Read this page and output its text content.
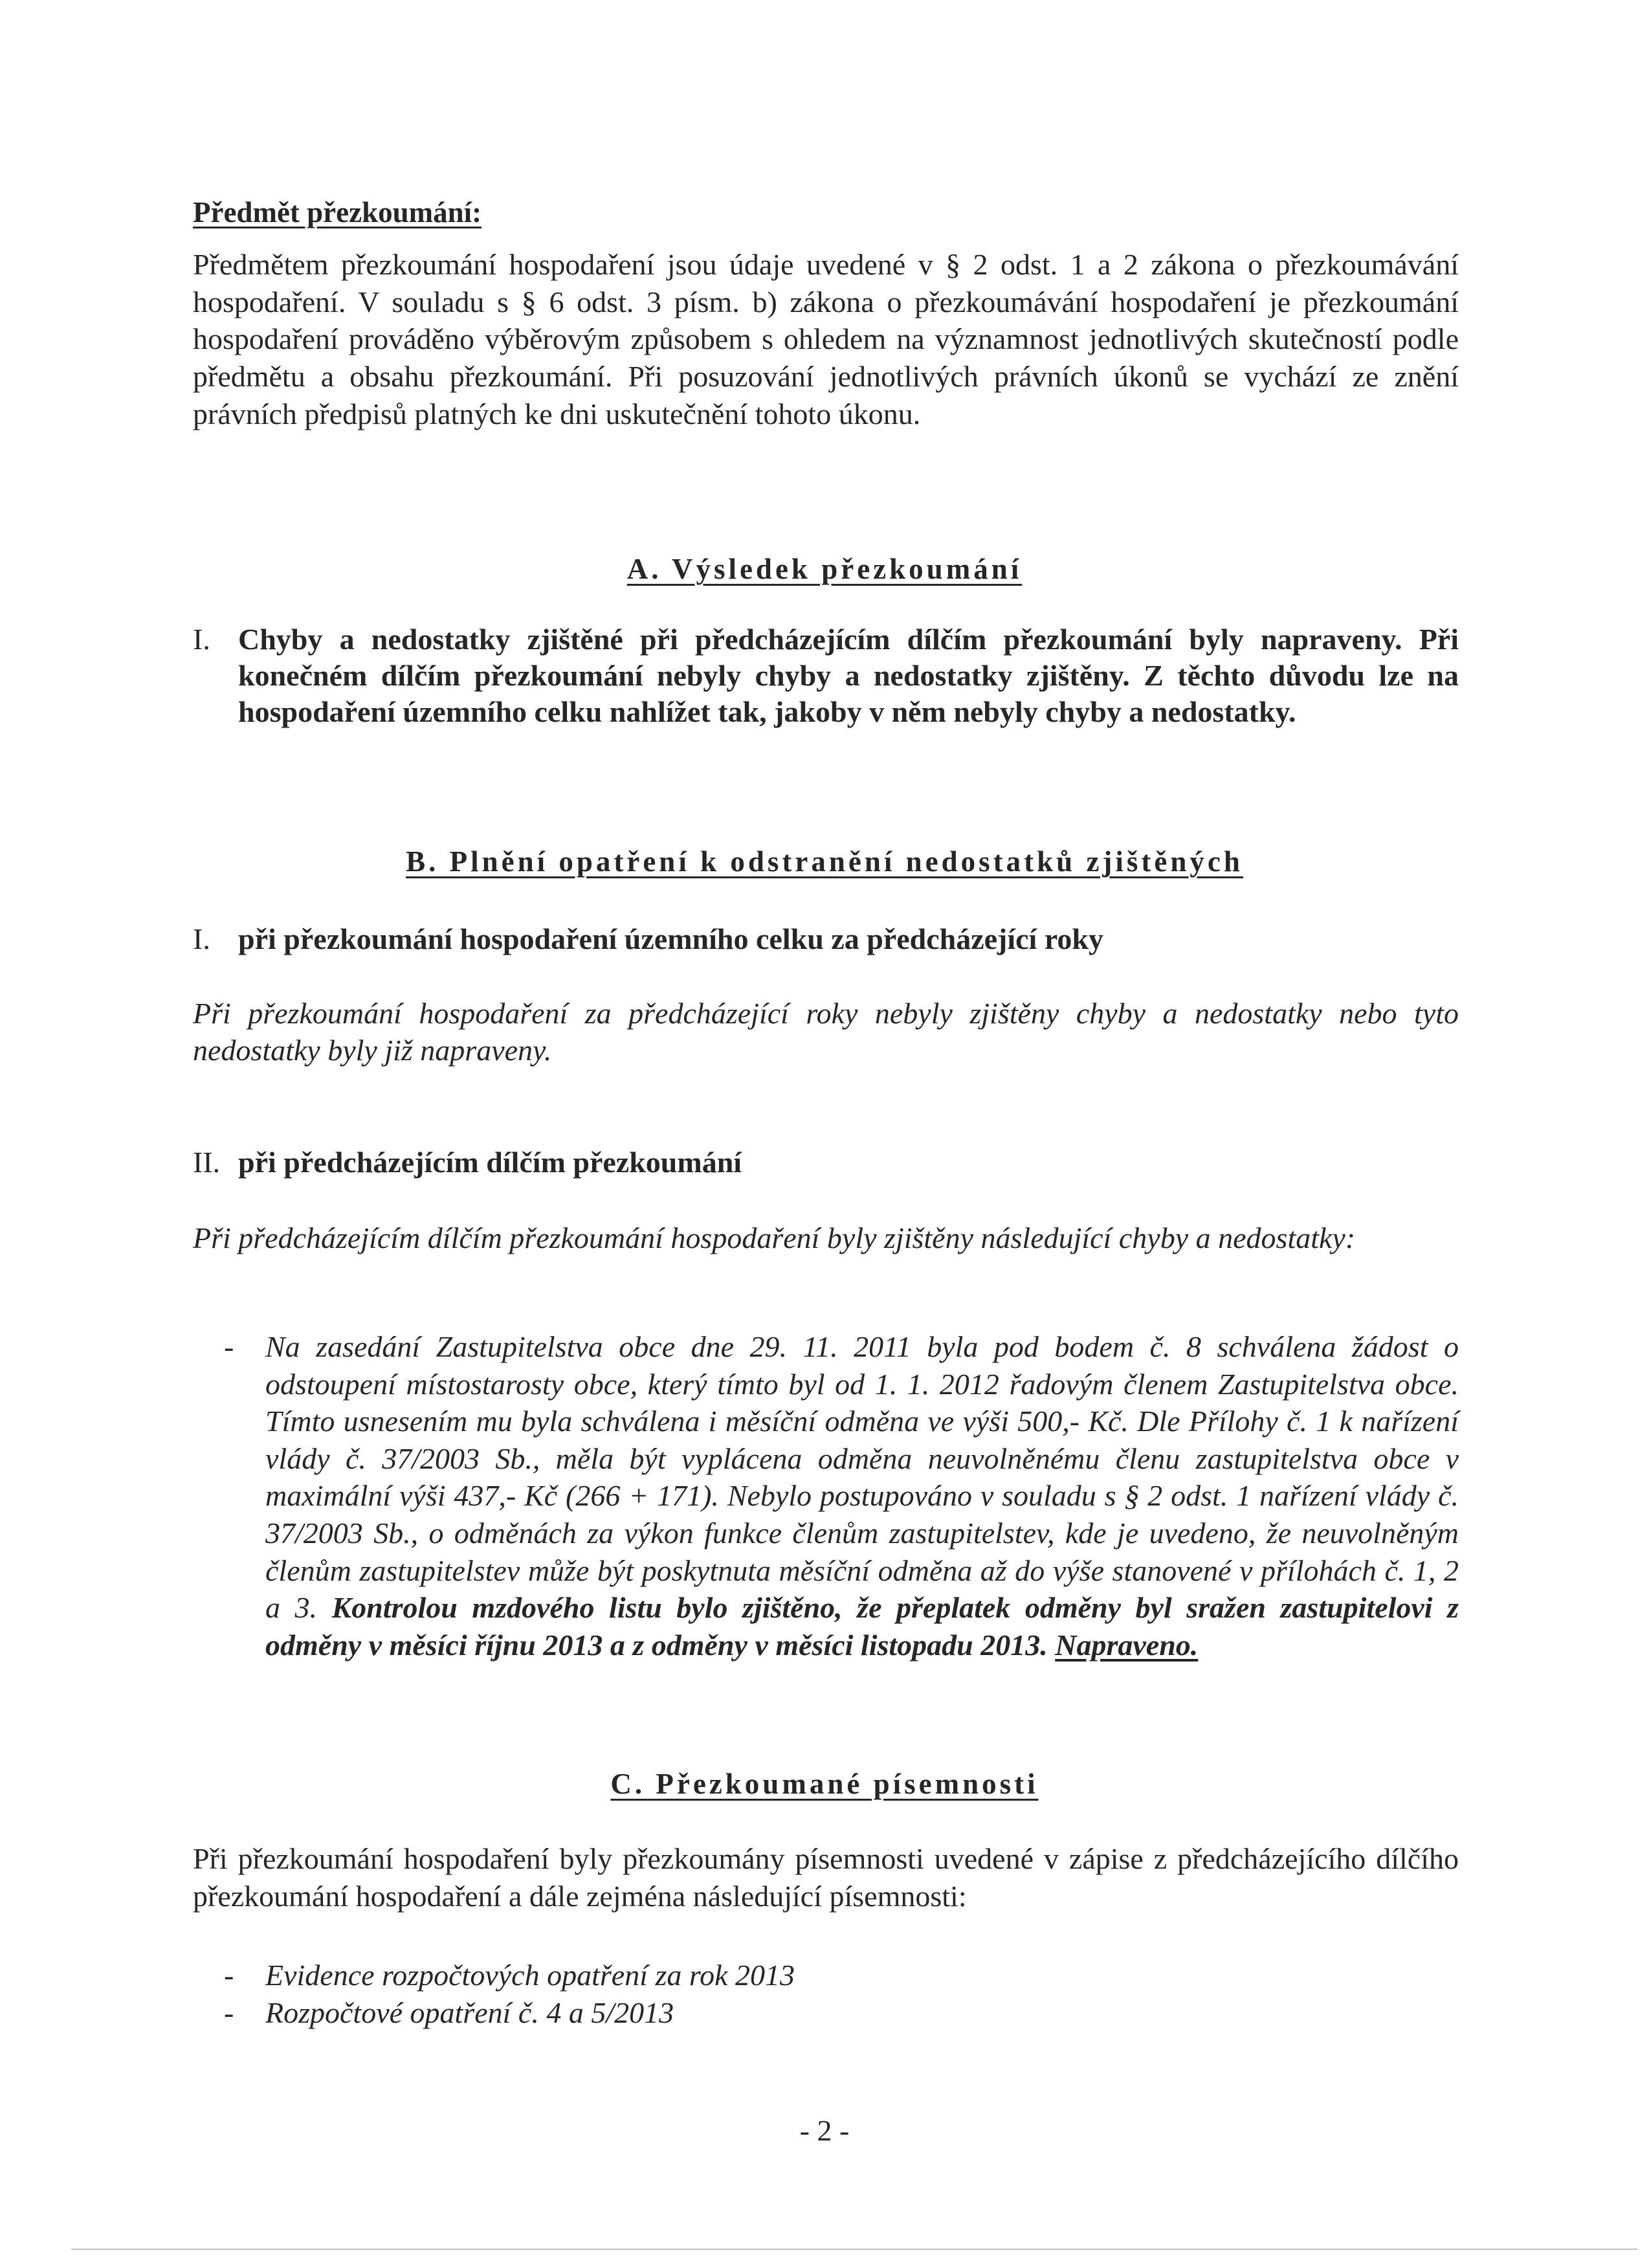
Předmět přezkoumání:

Předmětem přezkoumání hospodaření jsou údaje uvedené v § 2 odst. 1 a 2 zákona o přezkoumávání hospodaření. V souladu s § 6 odst. 3 písm. b) zákona o přezkoumávání hospodaření je přezkoumání hospodaření prováděno výběrovým způsobem s ohledem na významnost jednotlivých skutečností podle předmětu a obsahu přezkoumání. Při posuzování jednotlivých právních úkonů se vychází ze znění právních předpisů platných ke dni uskutečnění tohoto úkonu.

A. Výsledek přezkoumání
I. Chyby a nedostatky zjištěné při předcházejícím dílčím přezkoumání byly napraveny. Při konečném dílčím přezkoumání nebyly chyby a nedostatky zjištěny. Z těchto důvodu lze na hospodaření územního celku nahlížet tak, jakoby v něm nebyly chyby a nedostatky.
B. Plnění opatření k odstranění nedostatků zjištěných
I. při přezkoumání hospodaření územního celku za předcházející roky

Při přezkoumání hospodaření za předcházející roky nebyly zjištěny chyby a nedostatky nebo tyto nedostatky byly již napraveny.

II. při předcházejícím dílčím přezkoumání

Při předcházejícím dílčím přezkoumání hospodaření byly zjištěny následující chyby a nedostatky:

- Na zasedání Zastupitelstva obce dne 29. 11. 2011 byla pod bodem č. 8 schválena žádost o odstoupení místostarosty obce, který tímto byl od 1. 1. 2012 řadovým členem Zastupitelstva obce. Tímto usnesením mu byla schválena i měsíční odměna ve výši 500,- Kč. Dle Přílohy č. 1 k nařízení vlády č. 37/2003 Sb., měla být vyplácena odměna neuvolněnému členu zastupitelstva obce v maximální výši 437,- Kč (266 + 171). Nebylo postupováno v souladu s § 2 odst. 1 nařízení vlády č. 37/2003 Sb., o odměnách za výkon funkce členům zastupitelstev, kde je uvedeno, že neuvolněným členům zastupitelstev může být poskytnuta měsíční odměna až do výše stanovené v přílohách č. 1, 2 a 3. Kontrolou mzdového listu bylo zjištěno, že přeplatek odměny byl sražen zastupitelovi z odměny v měsíci říjnu 2013 a z odměny v měsíci listopadu 2013. Napraveno.
C. Přezkoumané písemnosti

Při přezkoumání hospodaření byly přezkoumány písemnosti uvedené v zápise z předcházejícího dílčího přezkoumání hospodaření a dále zejména následující písemnosti:

- Evidence rozpočtových opatření za rok 2013
- Rozpočtové opatření č. 4 a 5/2013
- 2 -
